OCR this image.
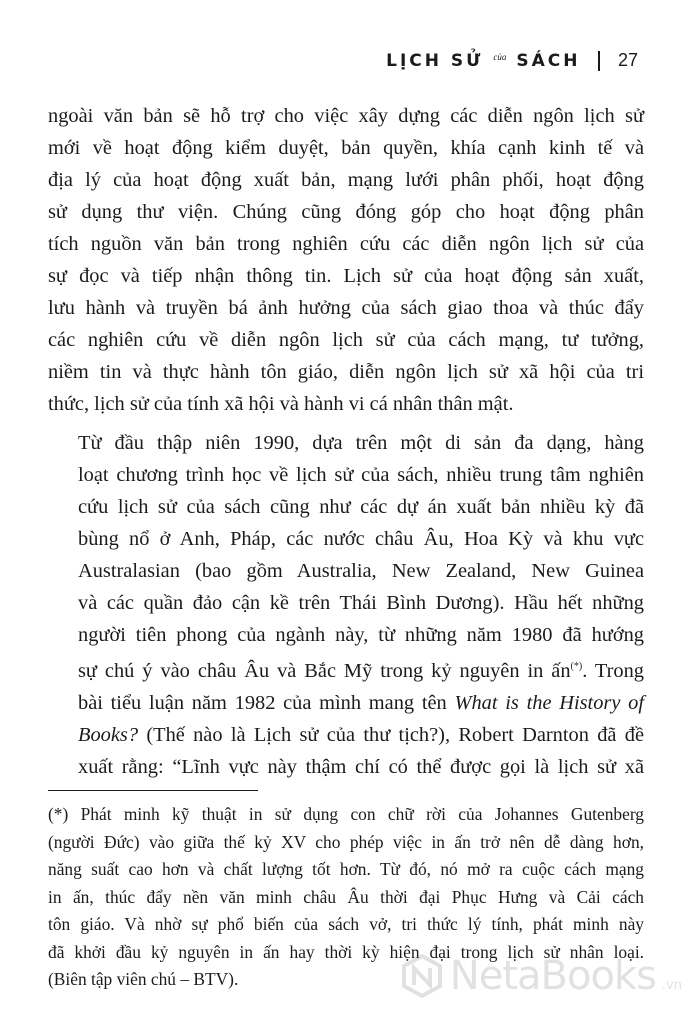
LỊCH SỬ của SÁCH 27

ngoài văn bản sẽ hỗ trợ cho việc xây dựng các diễn ngôn lịch sử
mới về hoạt động kiểm duyệt, bản quyền, khía cạnh kinh tế và
địa lý của hoạt động xuất bản, mạng lưới phân phối, hoạt động
sử dụng thư viện. Chúng cũng đóng góp cho hoạt động phân
tích nguồn văn bản trong nghiên cứu các diễn ngôn lịch sử của
sự đọc và tiếp nhận thông tin. Lịch sử của hoạt động sản xuất,
lưu hành và truyền bá ảnh hưởng của sách giao thoa và thúc đẩy
các nghiên cứu về diễn ngôn lịch sử của cách mạng, tư tưởng,
niềm tin và thực hành tôn giáo, diễn ngôn lịch sử xã hội của tri
thức, lịch sử của tính xã hội và hành vi cá nhân thân mật.

Từ đầu thập niên 1990, dựa trên một di sản đa dạng, hàng
loạt chương trình học về lịch sử của sách, nhiều trung tâm nghiên
cứu lịch sử của sách cũng như các dự án xuất bản nhiều kỳ đã
bùng nổ ở Anh, Pháp, các nước châu Âu, Hoa Kỳ và khu vực
Australasian (bao gồm Australia, New Zealand, New Guinea
và các quần đảo cận kề trên Thái Bình Dương). Hầu hết những
người tiên phong của ngành này, từ những năm 1980 đã hướng
sự chú ý vào châu Âu và Bắc Mỹ trong kỷ nguyên in ấn(*). Trong
bài tiểu luận năm 1982 của mình mang tên What is the History of
Books? (Thế nào là Lịch sử của thư tịch?), Robert Darnton đã đề
xuất rằng: “Lĩnh vực này thậm chí có thể được gọi là lịch sử xã

(*) Phát minh kỹ thuật in sử dụng con chữ rời của Johannes Gutenberg
(người Đức) vào giữa thế kỷ XV cho phép việc in ấn trở nên dễ dàng hơn,
năng suất cao hơn và chất lượng tốt hơn. Từ đó, nó mở ra cuộc cách mạng
in ấn, thúc đẩy nền văn minh châu Âu thời đại Phục Hưng và Cải cách
tôn giáo. Và nhờ sự phổ biến của sách vở, tri thức lý tính, phát minh này
đã khởi đầu kỷ nguyên in ấn hay thời kỳ hiện đại trong lịch sử nhân loại.
(Biên tập viên chú – BTV).	NetaBooks .vn
